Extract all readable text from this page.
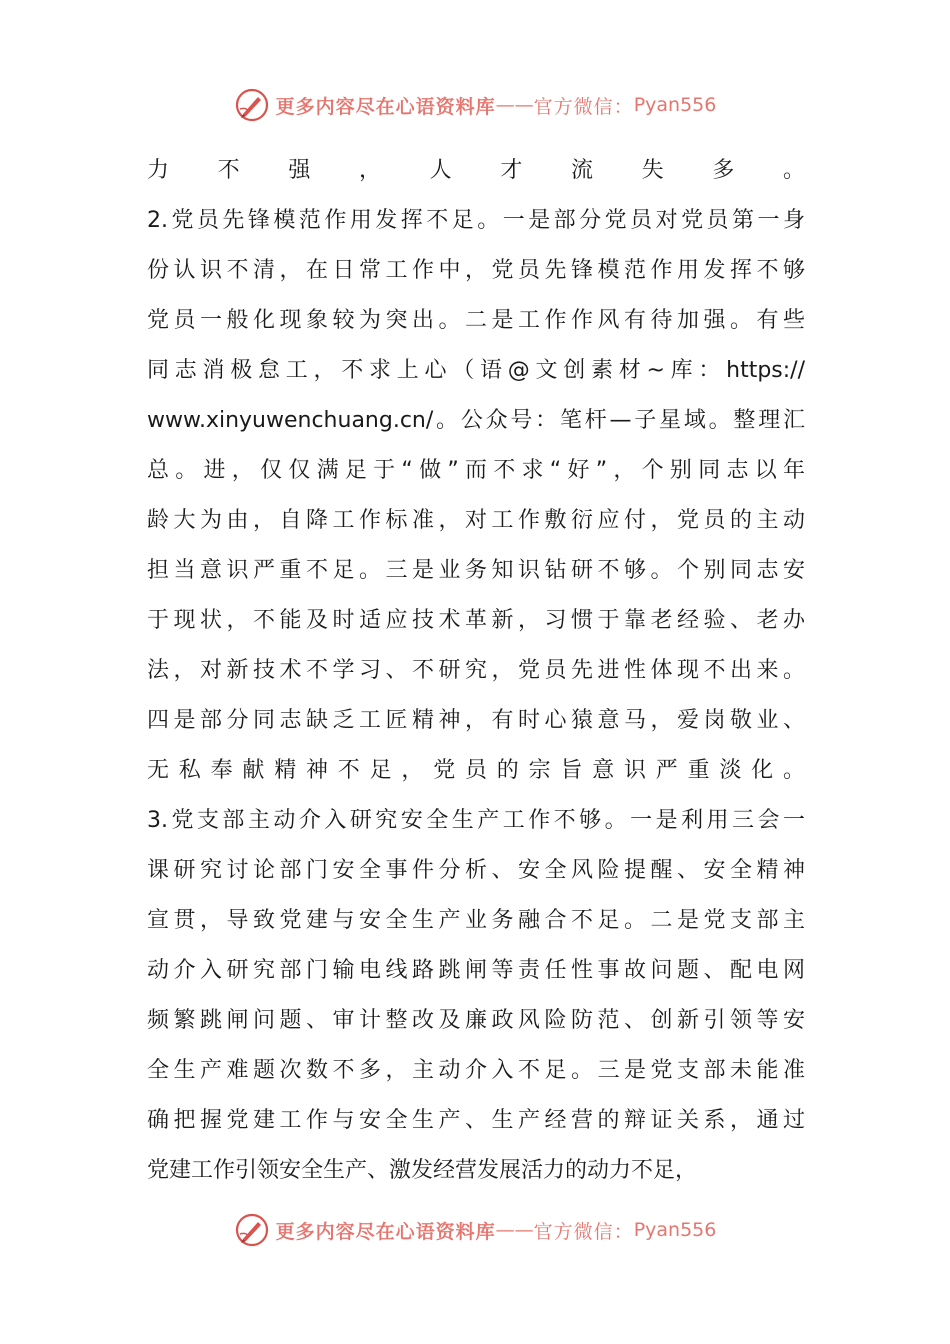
更多内容尽在心语资料库 —— 官方微信： Pyan556
力不强，人才流失多。
2.党员先锋模范作用发挥不足。一是部分党员对党员第一身
份认识不清，在日常工作中，党员先锋模范作用发挥不够
党员一般化现象较为突出。二是工作作风有待加强。有些
同志消极怠工，不求上心（语@文创素材~库：https://
www.xinyuwenchuang.cn/。公众号：笔杆—子星域。整理汇
总。进，仅仅满足于“做”而不求“好”，个别同志以年
龄大为由，自降工作标准，对工作敷衍应付，党员的主动
担当意识严重不足。三是业务知识钻研不够。个别同志安
于现状，不能及时适应技术革新，习惯于靠老经验、老办
法，对新技术不学习、不研究，党员先进性体现不出来。
四是部分同志缺乏工匠精神，有时心猿意马，爱岗敬业、
无私奉献精神不足，党员的宗旨意识严重淡化。
3.党支部主动介入研究安全生产工作不够。一是利用三会一
课研究讨论部门安全事件分析、安全风险提醒、安全精神
宣贯，导致党建与安全生产业务融合不足。二是党支部主
动介入研究部门输电线路跳闸等责任性事故问题、配电网
频繁跳闸问题、审计整改及廉政风险防范、创新引领等安
全生产难题次数不多，主动介入不足。三是党支部未能准
确把握党建工作与安全生产、生产经营的辩证关系，通过
党建工作引领安全生产、激发经营发展活力的动力不足，
更多内容尽在心语资料库 —— 官方微信： Pyan556
